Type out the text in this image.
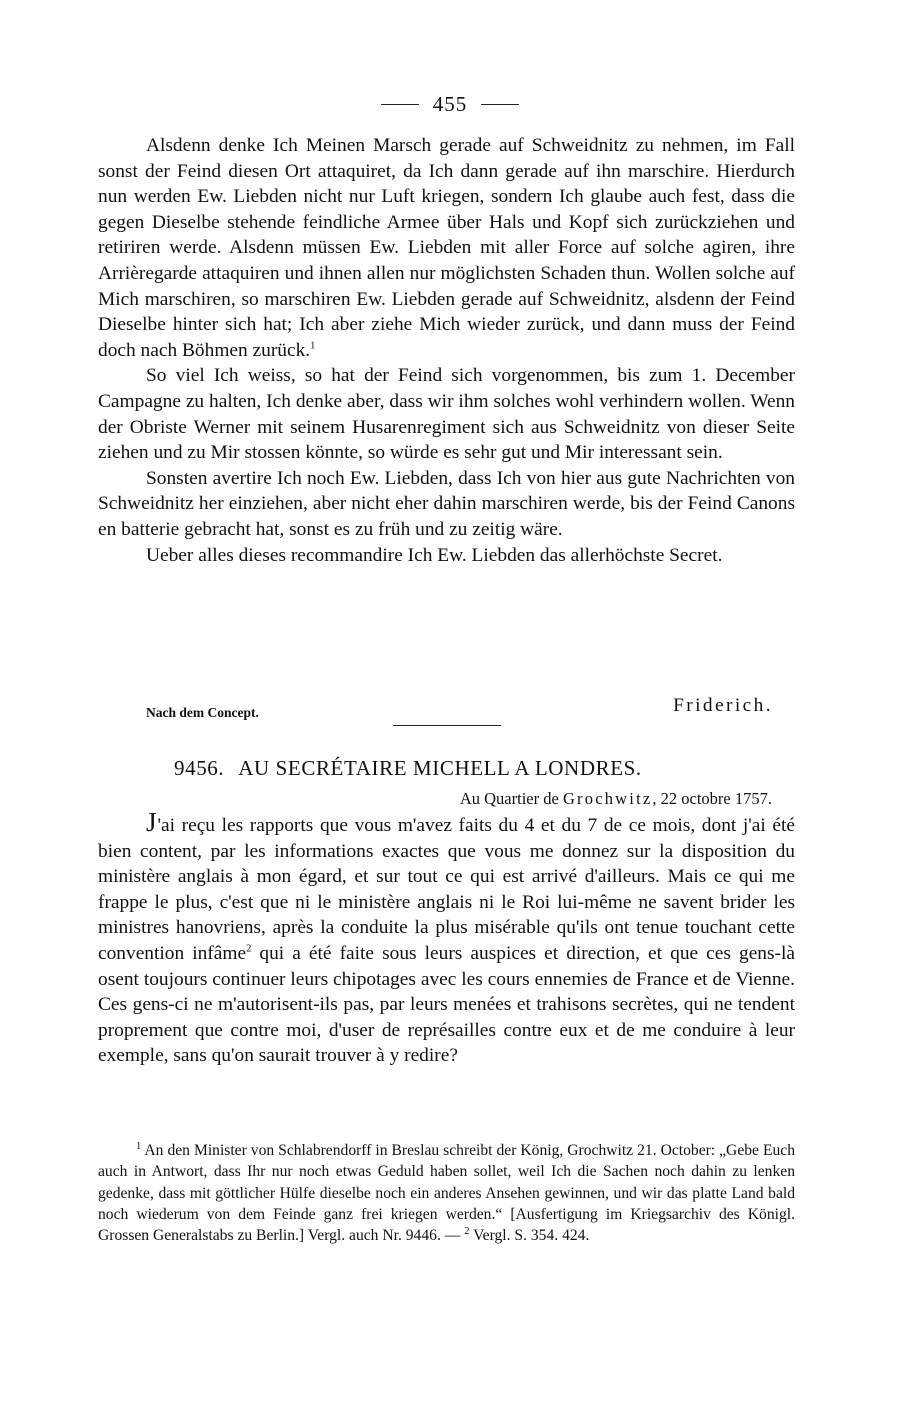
455

Alsdenn denke Ich Meinen Marsch gerade auf Schweidnitz zu nehmen, im Fall sonst der Feind diesen Ort attaquiret, da Ich dann gerade auf ihn marschire. Hierdurch nun werden Ew. Liebden nicht nur Luft kriegen, sondern Ich glaube auch fest, dass die gegen Dieselbe stehende feindliche Armee über Hals und Kopf sich zurückziehen und retiriren werde. Alsdenn müssen Ew. Liebden mit aller Force auf solche agiren, ihre Arrièregarde attaquiren und ihnen allen nur möglichsten Schaden thun. Wollen solche auf Mich marschiren, so marschiren Ew. Liebden gerade auf Schweidnitz, alsdenn der Feind Dieselbe hinter sich hat; Ich aber ziehe Mich wieder zurück, und dann muss der Feind doch nach Böhmen zurück.$^1$

So viel Ich weiss, so hat der Feind sich vorgenommen, bis zum 1. December Campagne zu halten, Ich denke aber, dass wir ihm solches wohl verhindern wollen. Wenn der Obriste Werner mit seinem Husarenregiment sich aus Schweidnitz von dieser Seite ziehen und zu Mir stossen könnte, so würde es sehr gut und Mir interessant sein.

Sonsten avertire Ich noch Ew. Liebden, dass Ich von hier aus gute Nachrichten von Schweidnitz her einziehen, aber nicht eher dahin marschiren werde, bis der Feind Canons en batterie gebracht hat, sonst es zu früh und zu zeitig wäre.

Ueber alles dieses recommandire Ich Ew. Liebden das allerhöchste Secret.

Nach dem Concept.	Friderich.
9456. AU SECRÉTAIRE MICHELL A LONDRES.
Au Quartier de Grochwitz, 22 octobre 1757.

J'ai reçu les rapports que vous m'avez faits du 4 et du 7 de ce mois, dont j'ai été bien content, par les informations exactes que vous me donnez sur la disposition du ministère anglais à mon égard, et sur tout ce qui est arrivé d'ailleurs. Mais ce qui me frappe le plus, c'est que ni le ministère anglais ni le Roi lui-même ne savent brider les ministres hanovriens, après la conduite la plus misérable qu'ils ont tenue touchant cette convention infâme$^2$ qui a été faite sous leurs auspices et direction, et que ces gens-là osent toujours continuer leurs chipotages avec les cours ennemies de France et de Vienne. Ces gens-ci ne m'autorisent-ils pas, par leurs menées et trahisons secrètes, qui ne tendent proprement que contre moi, d'user de représailles contre eux et de me conduire à leur exemple, sans qu'on saurait trouver à y redire?

$^1$ An den Minister von Schlabrendorff in Breslau schreibt der König, Grochwitz 21. October: „Gebe Euch auch in Antwort, dass Ihr nur noch etwas Geduld haben sollet, weil Ich die Sachen noch dahin zu lenken gedenke, dass mit göttlicher Hülfe dieselbe noch ein anderes Ansehen gewinnen, und wir das platte Land bald noch wiederum von dem Feinde ganz frei kriegen werden.“ [Ausfertigung im Kriegsarchiv des Königl. Grossen Generalstabs zu Berlin.] Vergl. auch Nr. 9446. — $^2$ Vergl. S. 354. 424.
